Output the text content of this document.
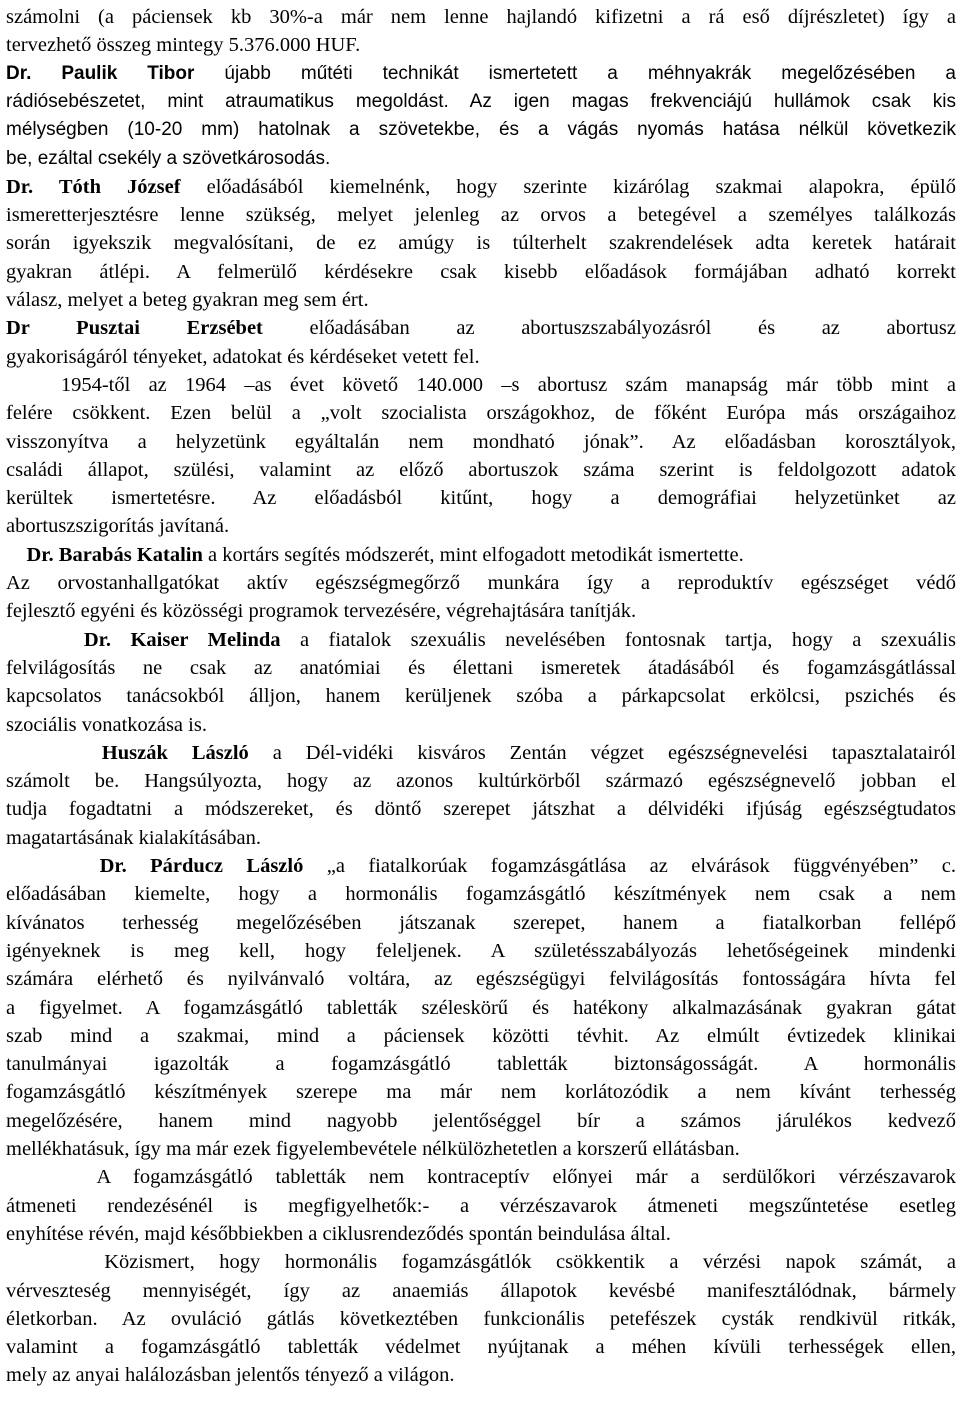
számolni (a páciensek kb 30%-a már nem lenne hajlandó kifizetni a rá eső díjrészletet) így a
tervezhető összeg mintegy 5.376.000 HUF.
Dr. Paulik Tibor újabb műtéti technikát ismertetett a méhnyakrák megelőzésében a
rádiósebészetet, mint atraumatikus megoldást. Az igen magas frekvenciájú hullámok csak kis
mélységben (10-20 mm) hatolnak a szövetekbe, és a vágás nyomás hatása nélkül következik
be, ezáltal csekély a szövetkárosodás.
Dr. Tóth József előadásából kiemelnénk, hogy szerinte kizárólag szakmai alapokra, épülő
ismeretterjesztésre lenne szükség, melyet jelenleg az orvos a betegével a személyes találkozás
során igyekszik megvalósítani, de ez amúgy is túlterhelt szakrendelések adta keretek határait
gyakran átlépi. A felmerülő kérdésekre csak kisebb előadások formájában adható korrekt
válasz, melyet a beteg gyakran meg sem ért.
Dr Pusztai Erzsébet előadásában az abortuszszabályozásról és az abortusz
gyakoriságáról tényeket, adatokat és kérdéseket vetett fel.
1954-től az 1964 –as évet követő 140.000 –s abortusz szám manapság már több mint a
felére csökkent. Ezen belül a „volt szocialista országokhoz, de főként Európa más országaihoz
visszonyítva a helyzetünk egyáltalán nem mondható jónak”. Az előadásban korosztályok,
családi állapot, szülési, valamint az előző abortuszok száma szerint is feldolgozott adatok
kerültek ismertetésre. Az előadásból kitűnt, hogy a demográfiai helyzetünket az
abortuszszigorítás javítaná.
Dr. Barabás Katalin a kortárs segítés módszerét, mint elfogadott metodikát ismertette.
Az orvostanhallgatókat aktív egészségmegőrző munkára így a reproduktív egészséget védő
fejlesztő egyéni és közösségi programok tervezésére, végrehajtására tanítják.
Dr. Kaiser Melinda a fiatalok szexuális nevelésében fontosnak tartja, hogy a szexuális
felvilágosítás ne csak az anatómiai és élettani ismeretek átadásából és fogamzásgátlással
kapcsolatos tanácsokból álljon, hanem kerüljenek szóba a párkapcsolat erkölcsi, pszichés és
szociális vonatkozása is.
Huszák László a Dél-vidéki kisváros Zentán végzet egészségnevelési tapasztalatairól
számolt be. Hangsúlyozta, hogy az azonos kultúrkörből származó egészségnevelő jobban el
tudja fogadtatni a módszereket, és döntő szerepet játszhat a délvidéki ifjúság egészségtudatos
magatartásának kialakításában.
Dr. Párducz László „a fiatalkorúak fogamzásgátlása az elvárások függvényében” c.
előadásában kiemelte, hogy a hormonális fogamzásgátló készítmények nem csak a nem
kívánatos terhesség megelőzésében játszanak szerepet, hanem a fiatalkorban fellépő
igényeknek is meg kell, hogy feleljenek. A születésszabályozás lehetőségeinek mindenki
számára elérhető és nyilvánvaló voltára, az egészségügyi felvilágosítás fontosságára hívta fel
a figyelmet. A fogamzásgátló tabletták széleskörű és hatékony alkalmazásának gyakran gátat
szab mind a szakmai, mind a páciensek közötti tévhit. Az elmúlt évtizedek klinikai
tanulmányai igazolták a fogamzásgátló tabletták biztonságosságát. A hormonális
fogamzásgátló készítmények szerepe ma már nem korlátozódik a nem kívánt terhesség
megelőzésére, hanem mind nagyobb jelentőséggel bír a számos járulékos kedvező
mellékhatásuk, így ma már ezek figyelembevétele nélkülözhetetlen a korszerű ellátásban.
A fogamzásgátló tabletták nem kontraceptív előnyei már a serdülőkori vérzészavarok
átmeneti rendezésénél is megfigyelhetők:- a vérzészavarok átmeneti megszűntetése esetleg
enyhítése révén, majd későbbiekben a ciklusrendeződés spontán beindulása által.
Közismert, hogy hormonális fogamzásgátlók csökkentik a vérzési napok számát, a
vérveszteség mennyiségét, így az anaemiás állapotok kevésbé manifesztálódnak, bármely
életkorban. Az ovuláció gátlás következtében funkcionális petefészek cysták rendkivül ritkák,
valamint a fogamzásgátló tabletták védelmet nyújtanak a méhen kívüli terhességek ellen,
mely az anyai halálozásban jelentős tényező a világon.
